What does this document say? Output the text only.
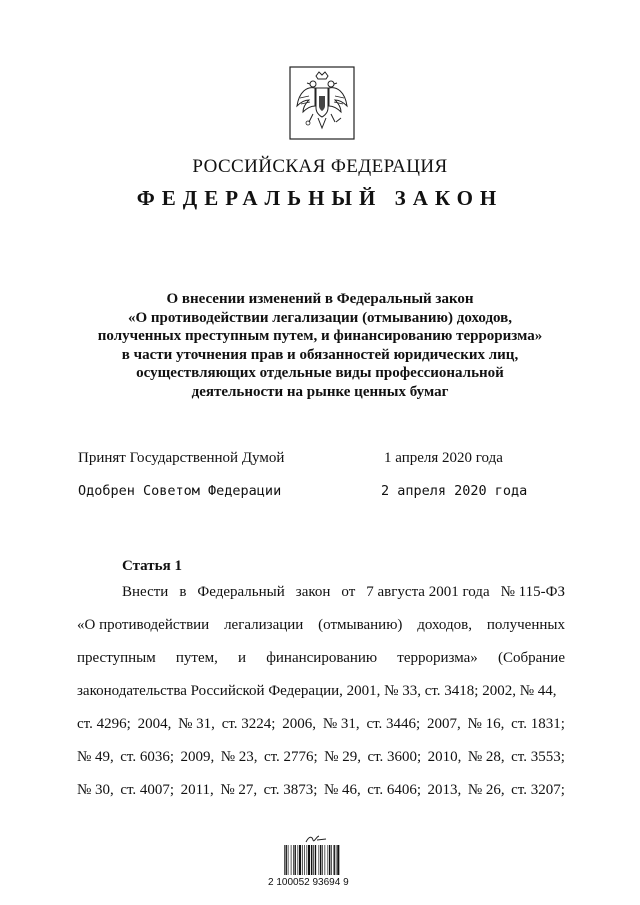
РОССИЙСКАЯ ФЕДЕРАЦИЯ
ФЕДЕРАЛЬНЫЙ ЗАКОН
О внесении изменений в Федеральный закон
«О противодействии легализации (отмыванию) доходов,
полученных преступным путем, и финансированию терроризма»
в части уточнения прав и обязанностей юридических лиц,
осуществляющих отдельные виды профессиональной
деятельности на рынке ценных бумаг
Принят Государственной Думой	1 апреля 2020 года
Одобрен Советом Федерации	2 апреля 2020 года
Статья 1
Внести в Федеральный закон от 7 августа 2001 года № 115-ФЗ
«О противодействии легализации (отмыванию) доходов, полученных
преступным путем, и финансированию терроризма» (Собрание
законодательства Российской Федерации, 2001, № 33, ст. 3418; 2002, № 44,
ст. 4296; 2004, № 31, ст. 3224; 2006, № 31, ст. 3446; 2007, № 16, ст. 1831;
№ 49, ст. 6036; 2009, № 23, ст. 2776; № 29, ст. 3600; 2010, № 28, ст. 3553;
№ 30, ст. 4007; 2011, № 27, ст. 3873; № 46, ст. 6406; 2013, № 26, ст. 3207;
2 100052 93694 9
